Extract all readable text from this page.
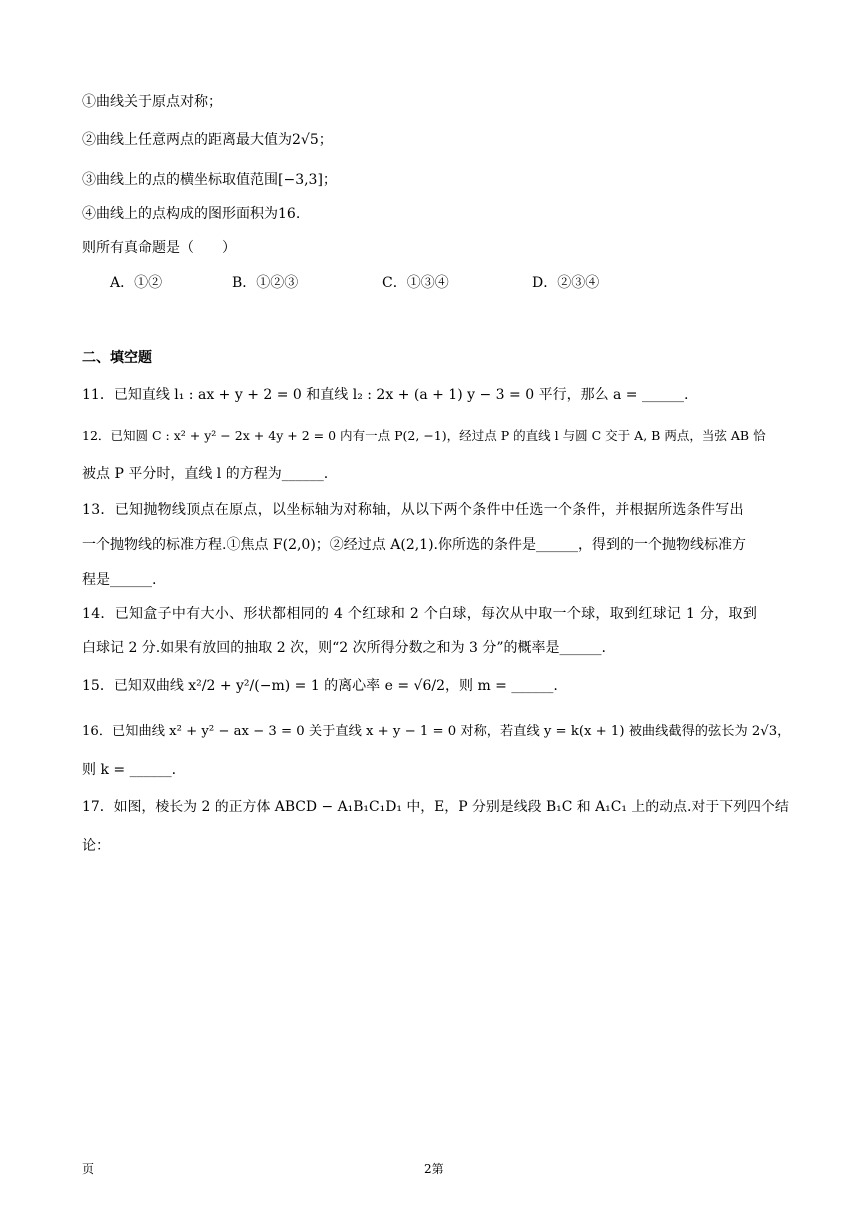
①曲线关于原点对称；
②曲线上任意两点的距离最大值为2√5；
③曲线上的点的横坐标取值范围[−3,3]；
④曲线上的点构成的图形面积为16.
则所有真命题是（　　）
A．①②	B．①②③	C．①③④	D．②③④
二、填空题
11．已知直线 l₁ : ax + y + 2 = 0 和直线 l₂ : 2x + (a + 1) y − 3 = 0 平行，那么 a = ______.
12．已知圆 C : x² + y² − 2x + 4y + 2 = 0 内有一点 P(2, −1)，经过点 P 的直线 l 与圆 C 交于 A, B 两点，当弦 AB 恰
被点 P 平分时，直线 l 的方程为______.
13．已知抛物线顶点在原点，以坐标轴为对称轴，从以下两个条件中任选一个条件，并根据所选条件写出
一个抛物线的标准方程.①焦点 F(2,0)；②经过点 A(2,1).你所选的条件是______，得到的一个抛物线标准方
程是______.
14．已知盒子中有大小、形状都相同的 4 个红球和 2 个白球，每次从中取一个球，取到红球记 1 分，取到
白球记 2 分.如果有放回的抽取 2 次，则“2 次所得分数之和为 3 分”的概率是______.
15．已知双曲线 x²/2 + y²/(−m) = 1 的离心率 e = √6/2，则 m = ______.
16．已知曲线 x² + y² − ax − 3 = 0 关于直线 x + y − 1 = 0 对称，若直线 y = k(x + 1) 被曲线截得的弦长为 2√3，
则 k = ______.
17．如图，棱长为 2 的正方体 ABCD − A₁B₁C₁D₁ 中，E，P 分别是线段 B₁C 和 A₁C₁ 上的动点.对于下列四个结
论：
页	2第
